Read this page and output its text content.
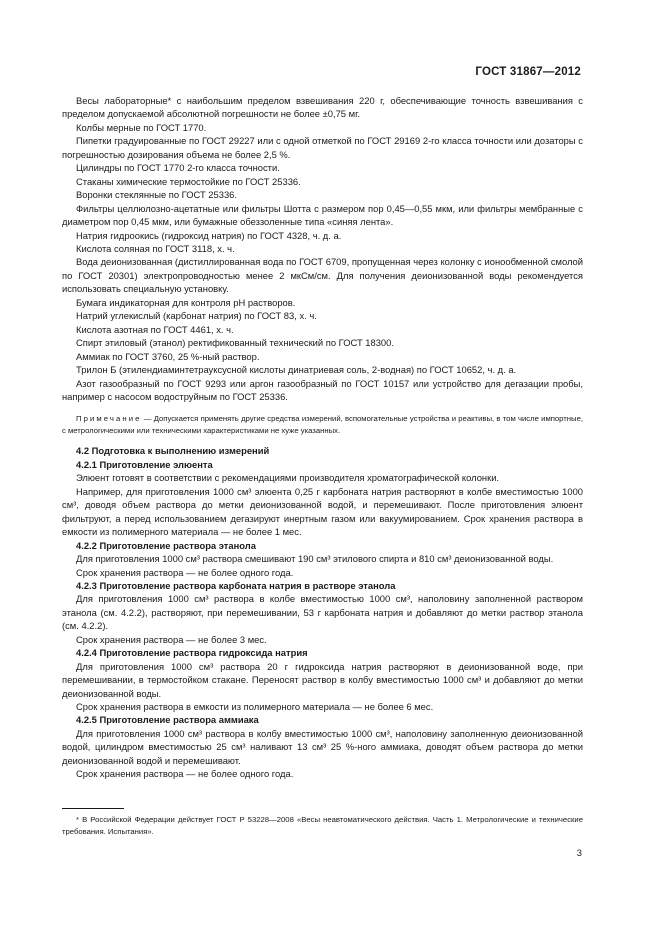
ГОСТ 31867—2012

Весы лабораторные* с наибольшим пределом взвешивания 220 г, обеспечивающие точность взвешивания с пределом допускаемой абсолютной погрешности не более ±0,75 мг.

Колбы мерные по ГОСТ 1770.

Пипетки градуированные по ГОСТ 29227 или с одной отметкой по ГОСТ 29169 2-го класса точности или дозаторы с погрешностью дозирования объема не более 2,5 %.

Цилиндры по ГОСТ 1770 2-го класса точности.

Стаканы химические термостойкие по ГОСТ 25336.

Воронки стеклянные по ГОСТ 25336.

Фильтры целлюлозно-ацетатные или фильтры Шотта с размером пор 0,45—0,55 мкм, или фильтры мембранные с диаметром пор 0,45 мкм, или бумажные обеззоленные типа «синяя лента».

Натрия гидроокись (гидроксид натрия) по ГОСТ 4328, ч. д. а.

Кислота соляная по ГОСТ 3118, х. ч.

Вода деионизованная (дистиллированная вода по ГОСТ 6709, пропущенная через колонку с ионообменной смолой по ГОСТ 20301) электропроводностью менее 2 мкСм/см. Для получения деионизованной воды рекомендуется использовать специальную установку.

Бумага индикаторная для контроля pH растворов.

Натрий углекислый (карбонат натрия) по ГОСТ 83, х. ч.

Кислота азотная по ГОСТ 4461, х. ч.

Спирт этиловый (этанол) ректификованный технический по ГОСТ 18300.

Аммиак по ГОСТ 3760, 25 %-ный раствор.

Трилон Б (этилендиаминтетрауксусной кислоты динатриевая соль, 2-водная) по ГОСТ 10652, ч. д. а.

Азот газообразный по ГОСТ 9293 или аргон газообразный по ГОСТ 10157 или устройство для дегазации пробы, например с насосом водоструйным по ГОСТ 25336.

Примечание — Допускается применять другие средства измерений, вспомогательные устройства и реактивы, в том числе импортные, с метрологическими или техническими характеристиками не хуже указанных.

4.2 Подготовка к выполнению измерений

4.2.1 Приготовление элюента

Элюент готовят в соответствии с рекомендациями производителя хроматографической колонки.

Например, для приготовления 1000 см³ элюента 0,25 г карбоната натрия растворяют в колбе вместимостью 1000 см³, доводя объем раствора до метки деионизованной водой, и перемешивают. После приготовления элюент фильтруют, а перед использованием дегазируют инертным газом или вакуумированием. Срок хранения раствора в емкости из полимерного материала — не более 1 мес.

4.2.2 Приготовление раствора этанола

Для приготовления 1000 см³ раствора смешивают 190 см³ этилового спирта и 810 см³ деионизованной воды.

Срок хранения раствора — не более одного года.

4.2.3 Приготовление раствора карбоната натрия в растворе этанола

Для приготовления 1000 см³ раствора в колбе вместимостью 1000 см³, наполовину заполненной раствором этанола (см. 4.2.2), растворяют, при перемешивании, 53 г карбоната натрия и добавляют до метки раствор этанола (см. 4.2.2).

Срок хранения раствора — не более 3 мес.

4.2.4 Приготовление раствора гидроксида натрия

Для приготовления 1000 см³ раствора 20 г гидроксида натрия растворяют в деионизованной воде, при перемешивании, в термостойком стакане. Переносят раствор в колбу вместимостью 1000 см³ и добавляют до метки деионизованной воды.

Срок хранения раствора в емкости из полимерного материала — не более 6 мес.

4.2.5 Приготовление раствора аммиака

Для приготовления 1000 см³ раствора в колбу вместимостью 1000 см³, наполовину заполненную деионизованной водой, цилиндром вместимостью 25 см³ наливают 13 см³ 25 %-ного аммиака, доводят объем раствора до метки деионизованной водой и перемешивают.

Срок хранения раствора — не более одного года.

* В Российской Федерации действует ГОСТ Р 53228—2008 «Весы неавтоматического действия. Часть 1. Метрологические и технические требования. Испытания».

3
